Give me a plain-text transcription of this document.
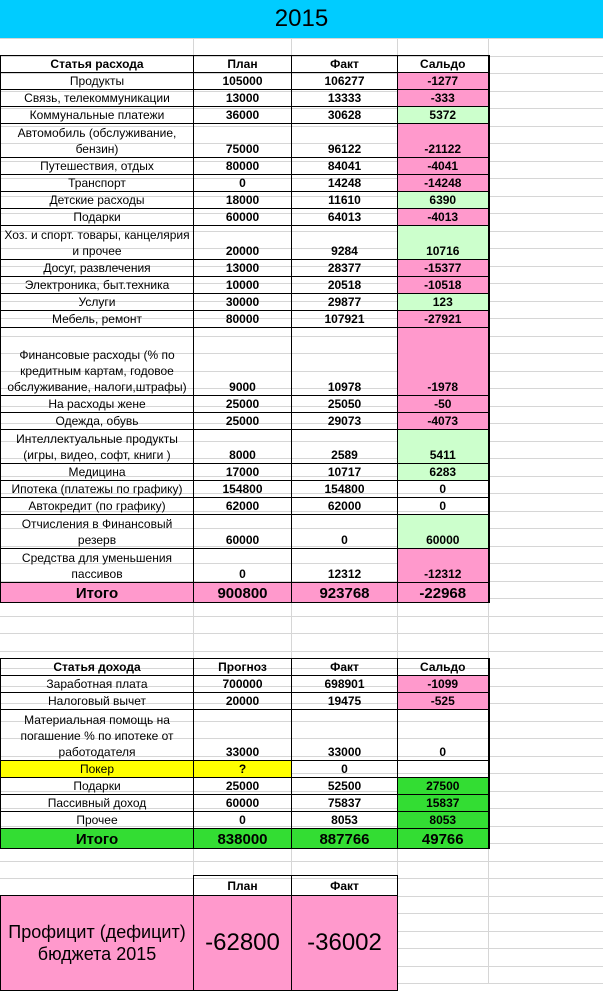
2015
Статья расхода	План	Факт	Сальдо
Продукты	105000	106277	-1277
Связь, телекоммуникации	13000	13333	-333
Коммунальные платежи	36000	30628	5372
Автомобиль (обслуживание, бензин)	75000	96122	-21122
Путешествия, отдых	80000	84041	-4041
Транспорт	0	14248	-14248
Детские расходы	18000	11610	6390
Подарки	60000	64013	-4013
Хоз. и спорт. товары, канцелярия и прочее	20000	9284	10716
Досуг, развлечения	13000	28377	-15377
Электроника, быт.техника	10000	20518	-10518
Услуги	30000	29877	123
Мебель, ремонт	80000	107921	-27921
Финансовые расходы (% по кредитным картам, годовое обслуживание, налоги,штрафы)	9000	10978	-1978
На расходы жене	25000	25050	-50
Одежда, обувь	25000	29073	-4073
Интеллектуальные продукты (игры, видео, софт, книги )	8000	2589	5411
Медицина	17000	10717	6283
Ипотека (платежы по графику)	154800	154800	0
Автокредит (по графику)	62000	62000	0
Отчисления в Финансовый резерв	60000	0	60000
Средства для уменьшения пассивов	0	12312	-12312
Итого	900800	923768	-22968
Статья дохода	Прогноз	Факт	Сальдо
Заработная плата	700000	698901	-1099
Налоговый вычет	20000	19475	-525
Материальная помощь на погашение % по ипотеке от работодателя	33000	33000	0
Покер	?	0	
Подарки	25000	52500	27500
Пассивный доход	60000	75837	15837
Прочее	0	8053	8053
Итого	838000	887766	49766
	План	Факт
Профицит (дефицит) бюджета 2015	-62800	-36002
